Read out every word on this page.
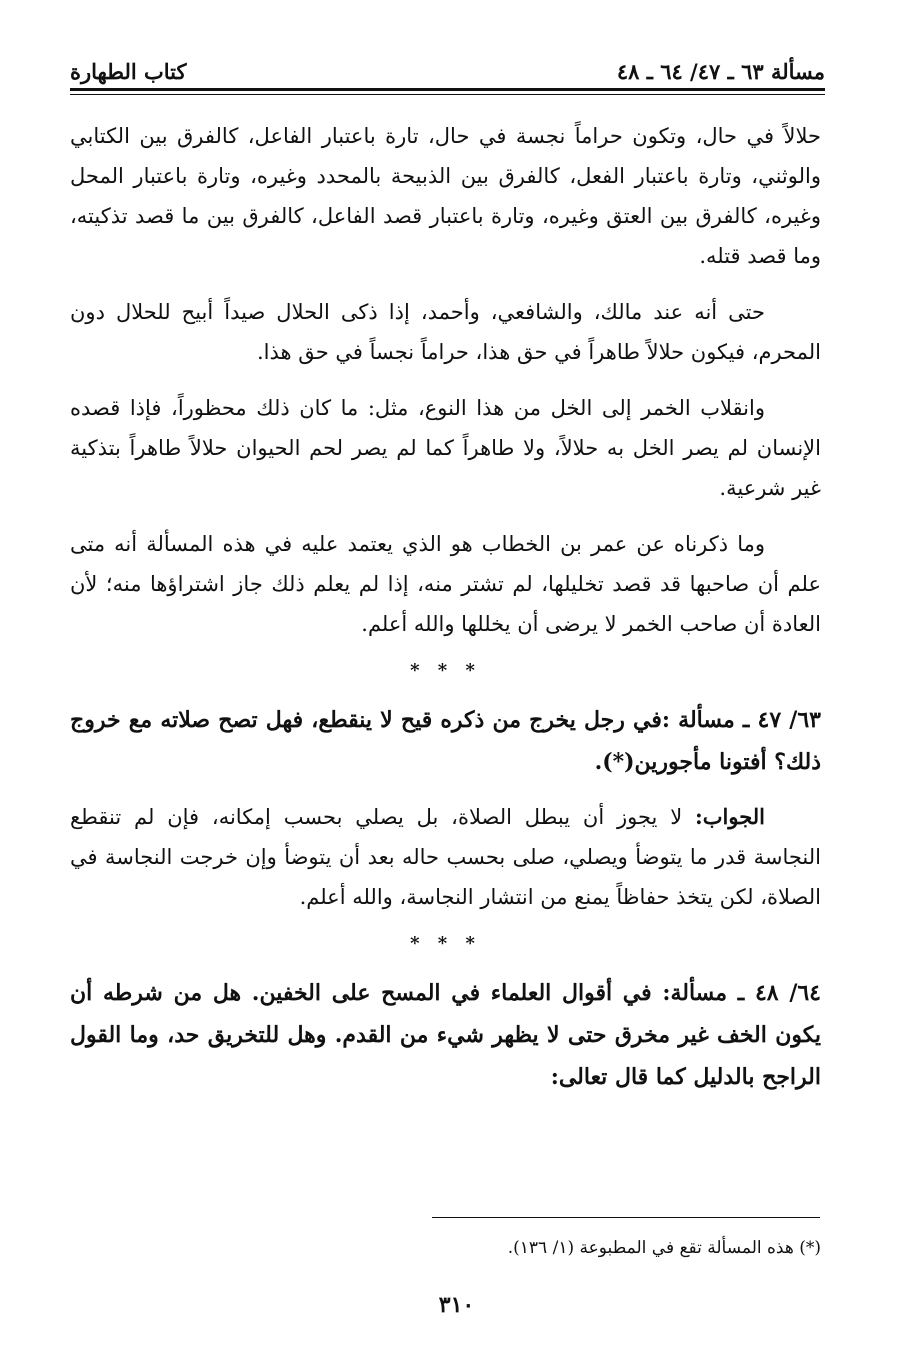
مسألة ٦٣ ـ ٤٧/ ٦٤ ـ ٤٨
كتاب الطهارة

حلالاً في حال، وتكون حراماً نجسة في حال، تارة باعتبار الفاعل، كالفرق بين الكتابي والوثني، وتارة باعتبار الفعل، كالفرق بين الذبيحة بالمحدد وغيره، وتارة باعتبار المحل وغيره، كالفرق بين العتق وغيره، وتارة باعتبار قصد الفاعل، كالفرق بين ما قصد تذكيته، وما قصد قتله.

حتى أنه عند مالك، والشافعي، وأحمد، إذا ذكى الحلال صيداً أبيح للحلال دون المحرم، فيكون حلالاً طاهراً في حق هذا، حراماً نجساً في حق هذا.

وانقلاب الخمر إلى الخل من هذا النوع، مثل: ما كان ذلك محظوراً، فإذا قصده الإنسان لم يصر الخل به حلالاً، ولا طاهراً كما لم يصر لحم الحيوان حلالاً طاهراً بتذكية غير شرعية.

وما ذكرناه عن عمر بن الخطاب هو الذي يعتمد عليه في هذه المسألة أنه متى علم أن صاحبها قد قصد تخليلها، لم تشتر منه، إذا لم يعلم ذلك جاز اشتراؤها منه؛ لأن العادة أن صاحب الخمر لا يرضى أن يخللها والله أعلم.

* * *

٦٣/ ٤٧ ـ مسألة :في رجل يخرج من ذكره قيح لا ينقطع، فهل تصح صلاته مع خروج ذلك؟ أفتونا مأجورين(*).

الجواب: لا يجوز أن يبطل الصلاة، بل يصلي بحسب إمكانه، فإن لم تنقطع النجاسة قدر ما يتوضأ ويصلي، صلى بحسب حاله بعد أن يتوضأ وإن خرجت النجاسة في الصلاة، لكن يتخذ حفاظاً يمنع من انتشار النجاسة، والله أعلم.

* * *

٦٤/ ٤٨ ـ مسألة: في أقوال العلماء في المسح على الخفين. هل من شرطه أن يكون الخف غير مخرق حتى لا يظهر شيء من القدم. وهل للتخريق حد، وما القول الراجح بالدليل كما قال تعالى:

(*) هذه المسألة تقع في المطبوعة (١/ ١٣٦).
٣١٠
